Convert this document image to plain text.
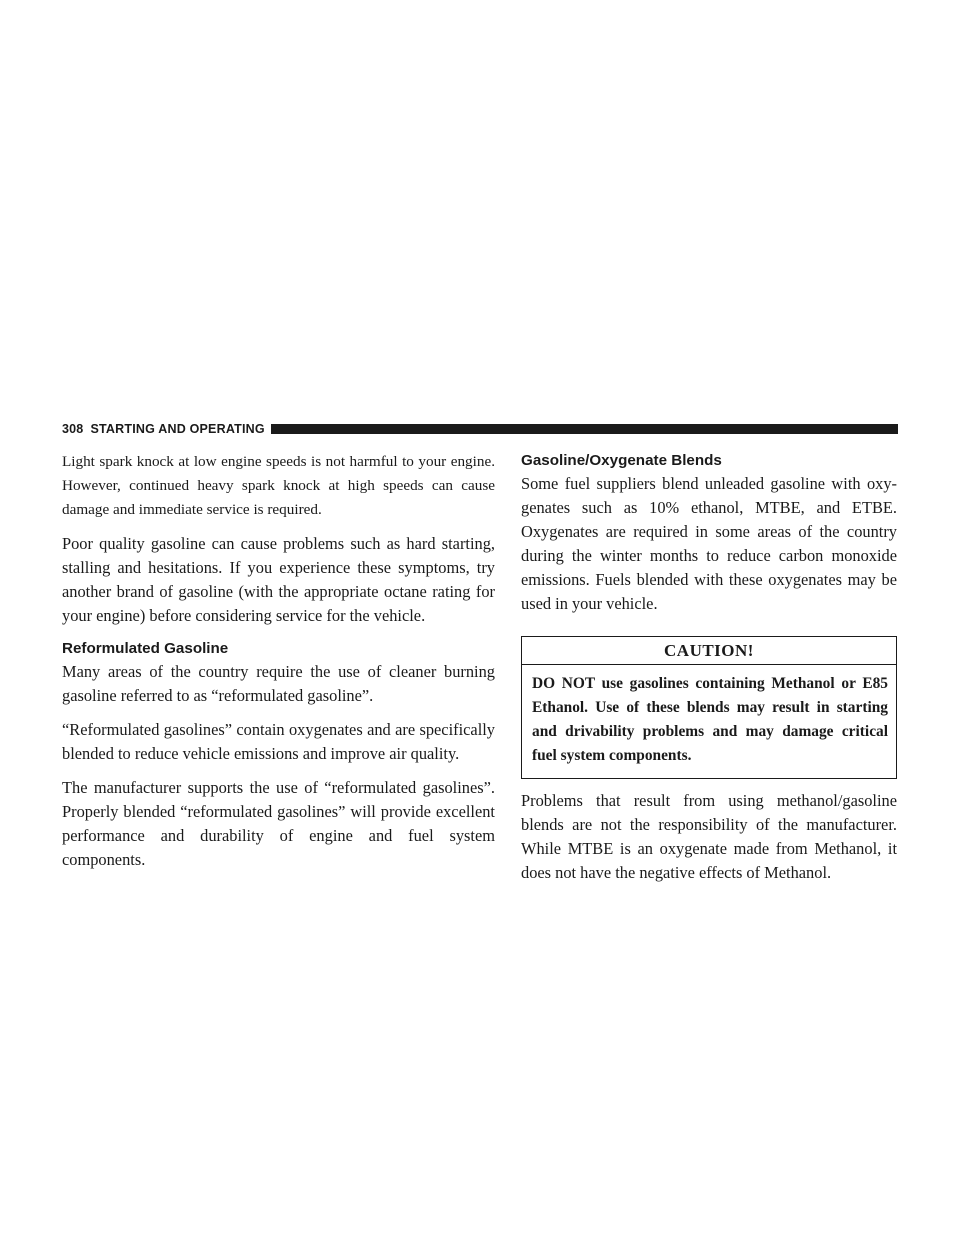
308 STARTING AND OPERATING

Light spark knock at low engine speeds is not harmful to your engine. However, continued heavy spark knock at high speeds can cause damage and immediate service is required.

Poor quality gasoline can cause problems such as hard starting, stalling and hesitations. If you experience these symptoms, try another brand of gasoline (with the appropriate octane rating for your engine) before considering service for the vehicle.

Reformulated Gasoline

Many areas of the country require the use of cleaner burning gasoline referred to as “reformulated gasoline”.

“Reformulated gasolines” contain oxygenates and are specifically blended to reduce vehicle emissions and improve air quality.

The manufacturer supports the use of “reformulated gasolines”. Properly blended “reformulated gasolines” will provide excellent performance and durability of engine and fuel system components.

Gasoline/Oxygenate Blends

Some fuel suppliers blend unleaded gasoline with oxygenates such as 10% ethanol, MTBE, and ETBE. Oxygenates are required in some areas of the country during the winter months to reduce carbon monoxide emissions. Fuels blended with these oxygenates may be used in your vehicle.

CAUTION!
DO NOT use gasolines containing Methanol or E85 Ethanol. Use of these blends may result in starting and drivability problems and may damage critical fuel system components.

Problems that result from using methanol/gasoline blends are not the responsibility of the manufacturer. While MTBE is an oxygenate made from Methanol, it does not have the negative effects of Methanol.
